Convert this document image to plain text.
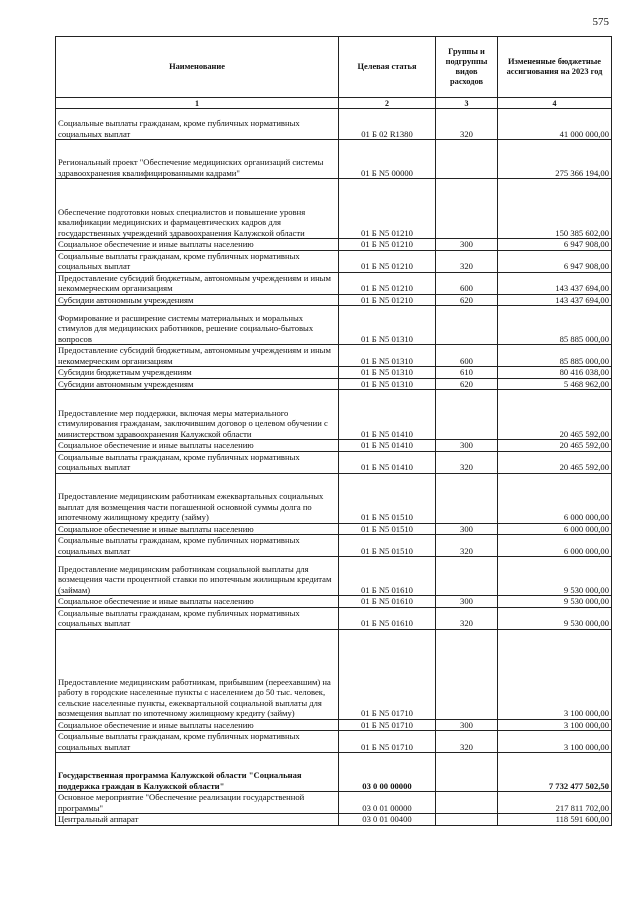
575
Наименование	Целевая статья	Группы и подгруппы видов расходов	Измененные бюджетные ассигнования на 2023 год
1	2	3	4
Социальные выплаты гражданам, кроме публичных нормативных социальных выплат	01 Б 02 R1380	320	41 000 000,00
Региональный проект "Обеспечение медицинских организаций системы здравоохранения квалифицированными кадрами"	01 Б N5 00000		275 366 194,00
Обеспечение подготовки новых специалистов и повышение уровня квалификации медицинских и фармацевтических кадров для государственных учреждений здравоохранения Калужской области	01 Б N5 01210		150 385 602,00
Социальное обеспечение и иные выплаты населению	01 Б N5 01210	300	6 947 908,00
Социальные выплаты гражданам, кроме публичных нормативных социальных выплат	01 Б N5 01210	320	6 947 908,00
Предоставление субсидий бюджетным, автономным учреждениям и иным некоммерческим организациям	01 Б N5 01210	600	143 437 694,00
Субсидии автономным учреждениям	01 Б N5 01210	620	143 437 694,00
Формирование и расширение системы материальных и моральных стимулов для медицинских работников, решение социально-бытовых вопросов	01 Б N5 01310		85 885 000,00
Предоставление субсидий бюджетным, автономным учреждениям и иным некоммерческим организациям	01 Б N5 01310	600	85 885 000,00
Субсидии бюджетным учреждениям	01 Б N5 01310	610	80 416 038,00
Субсидии автономным учреждениям	01 Б N5 01310	620	5 468 962,00
Предоставление мер поддержки, включая меры материального стимулирования гражданам, заключившим договор о целевом обучении с министерством здравоохранения Калужской области	01 Б N5 01410		20 465 592,00
Социальное обеспечение и иные выплаты населению	01 Б N5 01410	300	20 465 592,00
Социальные выплаты гражданам, кроме публичных нормативных социальных выплат	01 Б N5 01410	320	20 465 592,00
Предоставление медицинским работникам ежеквартальных социальных выплат для возмещения части погашенной основной суммы долга по ипотечному жилищному кредиту (займу)	01 Б N5 01510		6 000 000,00
Социальное обеспечение и иные выплаты населению	01 Б N5 01510	300	6 000 000,00
Социальные выплаты гражданам, кроме публичных нормативных социальных выплат	01 Б N5 01510	320	6 000 000,00
Предоставление медицинским работникам социальной выплаты для возмещения части процентной ставки по ипотечным жилищным кредитам (займам)	01 Б N5 01610		9 530 000,00
Социальное обеспечение и иные выплаты населению	01 Б N5 01610	300	9 530 000,00
Социальные выплаты гражданам, кроме публичных нормативных социальных выплат	01 Б N5 01610	320	9 530 000,00
Предоставление медицинским работникам, прибывшим (переехавшим) на работу в городские населенные пункты с населением до 50 тыс. человек, сельские населенные пункты, ежеквартальной социальной выплаты для возмещения выплат по ипотечному жилищному кредиту (займу)	01 Б N5 01710		3 100 000,00
Социальное обеспечение и иные выплаты населению	01 Б N5 01710	300	3 100 000,00
Социальные выплаты гражданам, кроме публичных нормативных социальных выплат	01 Б N5 01710	320	3 100 000,00
Государственная программа Калужской области "Социальная поддержка граждан в Калужской области"	03 0 00 00000		7 732 477 502,50
Основное мероприятие "Обеспечение реализации государственной программы"	03 0 01 00000		217 811 702,00
Центральный аппарат	03 0 01 00400		118 591 600,00
